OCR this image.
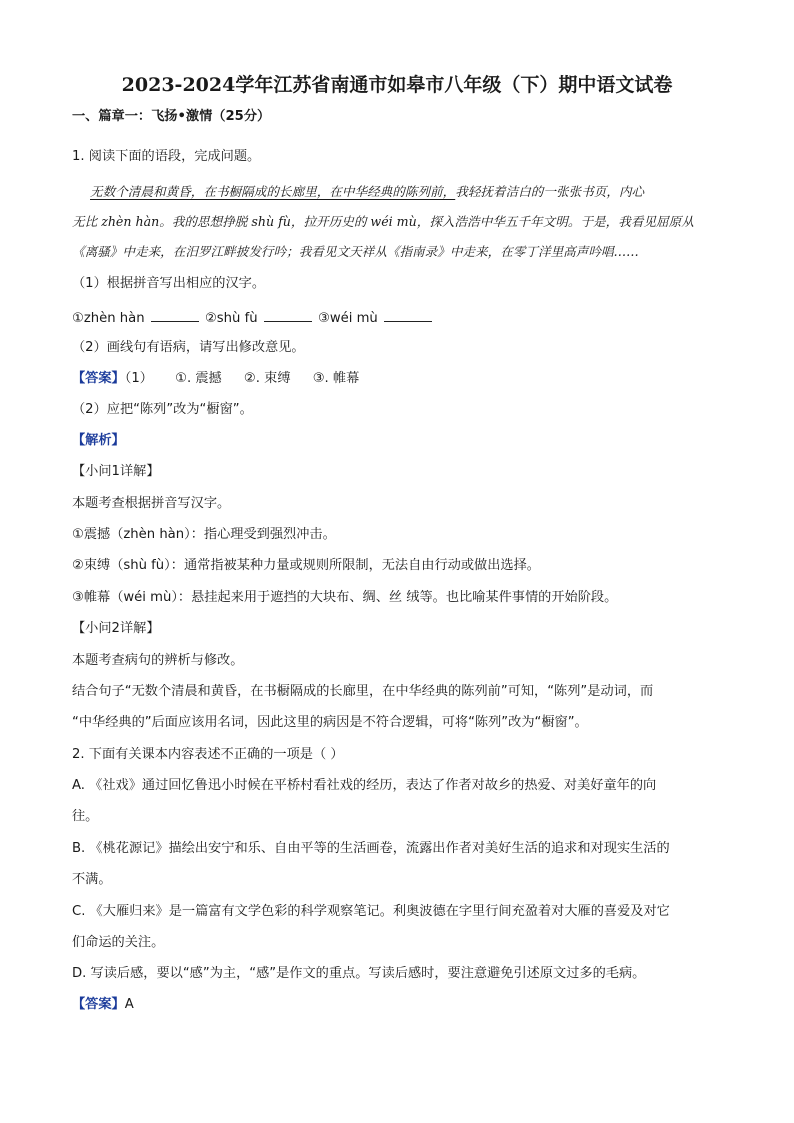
2023-2024学年江苏省南通市如皋市八年级（下）期中语文试卷
一、篇章一：飞扬•激情（25分）
1. 阅读下面的语段，完成问题。
无数个清晨和黄昏，在书橱隔成的长廊里，在中华经典的陈列前，我轻抚着洁白的一张张书页，内心
无比 zhèn hàn。我的思想挣脱 shù fù，拉开历史的 wéi mù，探入浩浩中华五千年文明。于是，我看见屈原从
《离骚》中走来，在汨罗江畔披发行吟；我看见文天祥从《指南录》中走来，在零丁洋里高声吟唱……
（1）根据拼音写出相应的汉字。
①zhèn hàn	②shù fù	③wéi mù
（2）画线句有语病，请写出修改意见。
【答案】（1） ①. 震撼 ②. 束缚 ③. 帷幕
（2）应把“陈列”改为“橱窗”。
【解析】
【小问1详解】
本题考查根据拼音写汉字。
①震撼（zhèn hàn）：指心理受到强烈冲击。
②束缚（shù fù）：通常指被某种力量或规则所限制，无法自由行动或做出选择。
③帷幕（wéi mù）：悬挂起来用于遮挡的大块布、绸、丝 绒等。也比喻某件事情的开始阶段。
【小问2详解】
本题考查病句的辨析与修改。
结合句子“无数个清晨和黄昏，在书橱隔成的长廊里，在中华经典的陈列前”可知，“陈列”是动词，而
“中华经典的”后面应该用名词，因此这里的病因是不符合逻辑，可将“陈列”改为“橱窗”。
2. 下面有关课本内容表述不正确的一项是（ ）
A. 《社戏》通过回忆鲁迅小时候在平桥村看社戏的经历，表达了作者对故乡的热爱、对美好童年的向
往。
B. 《桃花源记》描绘出安宁和乐、自由平等的生活画卷，流露出作者对美好生活的追求和对现实生活的
不满。
C. 《大雁归来》是一篇富有文学色彩的科学观察笔记。利奥波德在字里行间充盈着对大雁的喜爱及对它
们命运的关注。
D. 写读后感，要以“感”为主，“感”是作文的重点。写读后感时，要注意避免引述原文过多的毛病。
【答案】A
